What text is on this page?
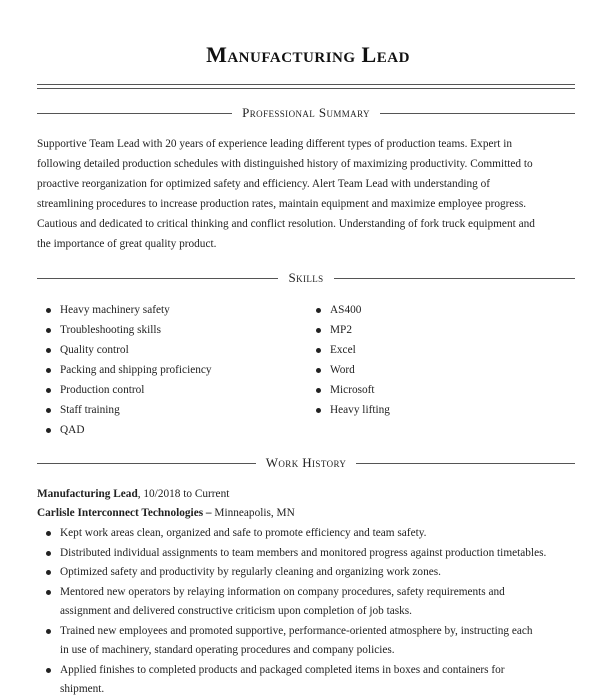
Manufacturing Lead
Professional Summary
Supportive Team Lead with 20 years of experience leading different types of production teams. Expert in
following detailed production schedules with distinguished history of maximizing productivity. Committed to
proactive reorganization for optimized safety and efficiency. Alert Team Lead with understanding of
streamlining procedures to increase production rates, maintain equipment and maximize employee progress.
Cautious and dedicated to critical thinking and conflict resolution. Understanding of fork truck equipment and
the importance of great quality product.
Skills
Heavy machinery safety
Troubleshooting skills
Quality control
Packing and shipping proficiency
Production control
Staff training
QAD
AS400
MP2
Excel
Word
Microsoft
Heavy lifting
Work History
Manufacturing Lead, 10/2018 to Current
Carlisle Interconnect Technologies – Minneapolis, MN
Kept work areas clean, organized and safe to promote efficiency and team safety.
Distributed individual assignments to team members and monitored progress against production timetables.
Optimized safety and productivity by regularly cleaning and organizing work zones.
Mentored new operators by relaying information on company procedures, safety requirements and
assignment and delivered constructive criticism upon completion of job tasks.
Trained new employees and promoted supportive, performance-oriented atmosphere by, instructing each
in use of machinery, standard operating procedures and company policies.
Applied finishes to completed products and packaged completed items in boxes and containers for
shipment.
